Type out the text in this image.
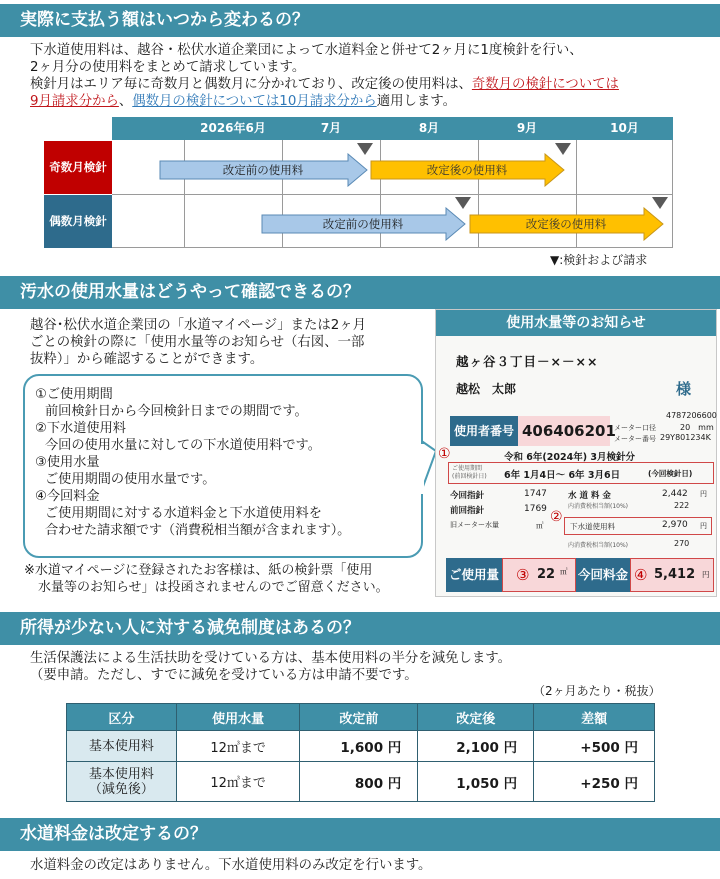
実際に支払う額はいつから変わるの？
下水道使用料は、越谷・松伏水道企業団によって水道料金と併せて2ヶ月に1度検針を行い、
2ヶ月分の使用料をまとめて請求しています。
検針月はエリア毎に奇数月と偶数月に分かれており、改定後の使用料は、奇数月の検針については
9月請求分から、偶数月の検針については10月請求分から適用します。
2026年6月	7月	8月	9月	10月
奇数月検針
偶数月検針
改定前の使用料	改定後の使用料
改定前の使用料	改定後の使用料
▼:検針および請求
汚水の使用水量はどうやって確認できるの？
越谷･松伏水道企業団の「水道マイページ」または2ヶ月
ごとの検針の際に「使用水量等のお知らせ（右図、一部
抜粋）」から確認することができます。
①ご使用期間
前回検針日から今回検針日までの期間です。
②下水道使用料
今回の使用水量に対しての下水道使用料です。
③使用水量
ご使用期間の使用水量です。
④今回料金
ご使用期間に対する水道料金と下水道使用料を
合わせた請求額です（消費税相当額が含まれます）。
※水道マイページに登録されたお客様は、紙の検針票「使用
水量等のお知らせ」は投函されませんのでご留意ください。
使用水量等のお知らせ
越ヶ谷３丁目－×－××
越松　太郎	様
使用者番号 406406201
4787206600
メーター口径	20　mm
メーター番号 29Y801234K
①	令和 6年(2024年) 3月検針分
ご使用期間
(前回検針日) 6年 1月4日～ 6年 3月6日	(今回検針日)
今回指針	1747 水 道 料 金	2,442 円
内消費税相当額(10%)	222
前回指針	1769
旧メーター水量	㎥
②
下水道使用料	2,970 円
内消費税相当額(10%)	270
ご使用量 ③ 22 ㎥ 今回料金 ④ 5,412 円
所得が少ない人に対する減免制度はあるの？
生活保護法による生活扶助を受けている方は、基本使用料の半分を減免します。
（要申請。ただし、すでに減免を受けている方は申請不要です。
（2ヶ月あたり・税抜）
区分	使用水量	改定前	改定後	差額
基本使用料	12㎥まで	1,600 円	2,100 円	+500 円

基本使用料
（減免後）	12㎥まで	800 円	1,050 円	+250 円
水道料金は改定するの？
水道料金の改定はありません。下水道使用料のみ改定を行います。
